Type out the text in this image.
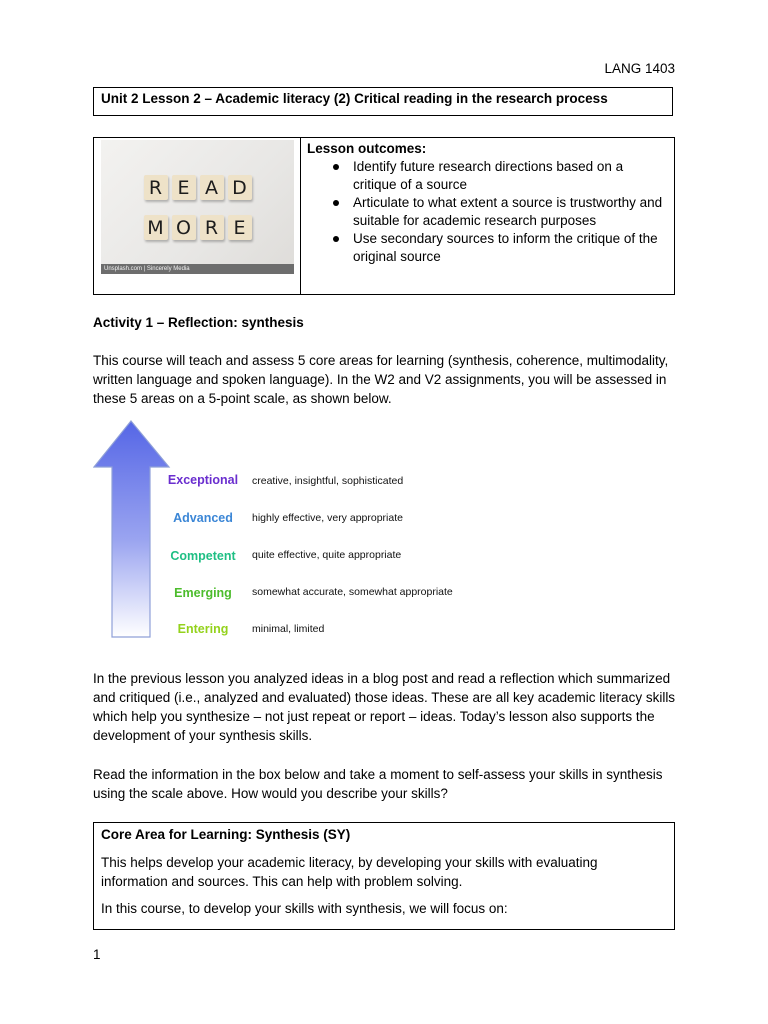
LANG 1403
Unit 2 Lesson 2 – Academic literacy (2) Critical reading in the research process
R E A D
M O R E
Unsplash.com | Sincerely Media
Lesson outcomes:
Identify future research directions based on a critique of a source
Articulate to what extent a source is trustworthy and suitable for academic research purposes
Use secondary sources to inform the critique of the original source
Activity 1 – Reflection: synthesis
This course will teach and assess 5 core areas for learning (synthesis, coherence, multimodality, written language and spoken language). In the W2 and V2 assignments, you will be assessed in these 5 areas on a 5-point scale, as shown below.
Exceptional	creative, insightful, sophisticated
Advanced	highly effective, very appropriate
Competent	quite effective, quite appropriate
Emerging	somewhat accurate, somewhat appropriate
Entering	minimal, limited
In the previous lesson you analyzed ideas in a blog post and read a reflection which summarized and critiqued (i.e., analyzed and evaluated) those ideas. These are all key academic literacy skills which help you synthesize – not just repeat or report – ideas. Today’s lesson also supports the development of your synthesis skills.
Read the information in the box below and take a moment to self-assess your skills in synthesis using the scale above. How would you describe your skills?
Core Area for Learning: Synthesis (SY)
This helps develop your academic literacy, by developing your skills with evaluating information and sources. This can help with problem solving.
In this course, to develop your skills with synthesis, we will focus on:
1
